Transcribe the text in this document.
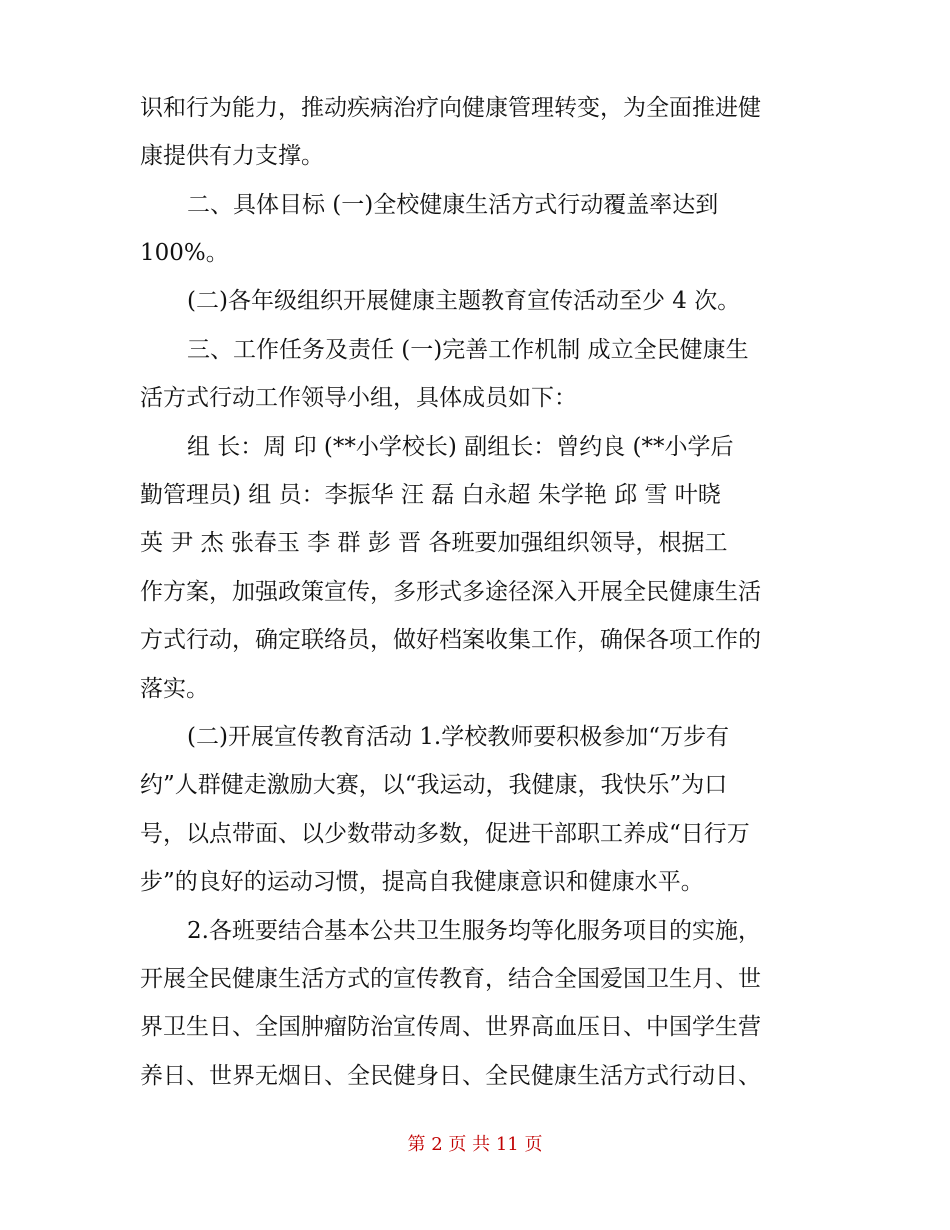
识和行为能力，推动疾病治疗向健康管理转变，为全面推进健
康提供有力支撑。
二、具体目标 (一)全校健康生活方式行动覆盖率达到
100%。
(二)各年级组织开展健康主题教育宣传活动至少 4 次。
三、工作任务及责任 (一)完善工作机制 成立全民健康生
活方式行动工作领导小组，具体成员如下：
组 长：周 印 (**小学校长) 副组长：曾约良 (**小学后
勤管理员) 组 员：李振华 汪 磊 白永超 朱学艳 邱 雪 叶晓
英 尹 杰 张春玉 李 群 彭 晋 各班要加强组织领导，根据工
作方案，加强政策宣传，多形式多途径深入开展全民健康生活
方式行动，确定联络员，做好档案收集工作，确保各项工作的
落实。
(二)开展宣传教育活动 1.学校教师要积极参加“万步有
约”人群健走激励大赛，以“我运动，我健康，我快乐”为口
号，以点带面、以少数带动多数，促进干部职工养成“日行万
步”的良好的运动习惯，提高自我健康意识和健康水平。
2.各班要结合基本公共卫生服务均等化服务项目的实施，
开展全民健康生活方式的宣传教育，结合全国爱国卫生月、世
界卫生日、全国肿瘤防治宣传周、世界高血压日、中国学生营
养日、世界无烟日、全民健身日、全民健康生活方式行动日、
第 2 页 共 11 页
